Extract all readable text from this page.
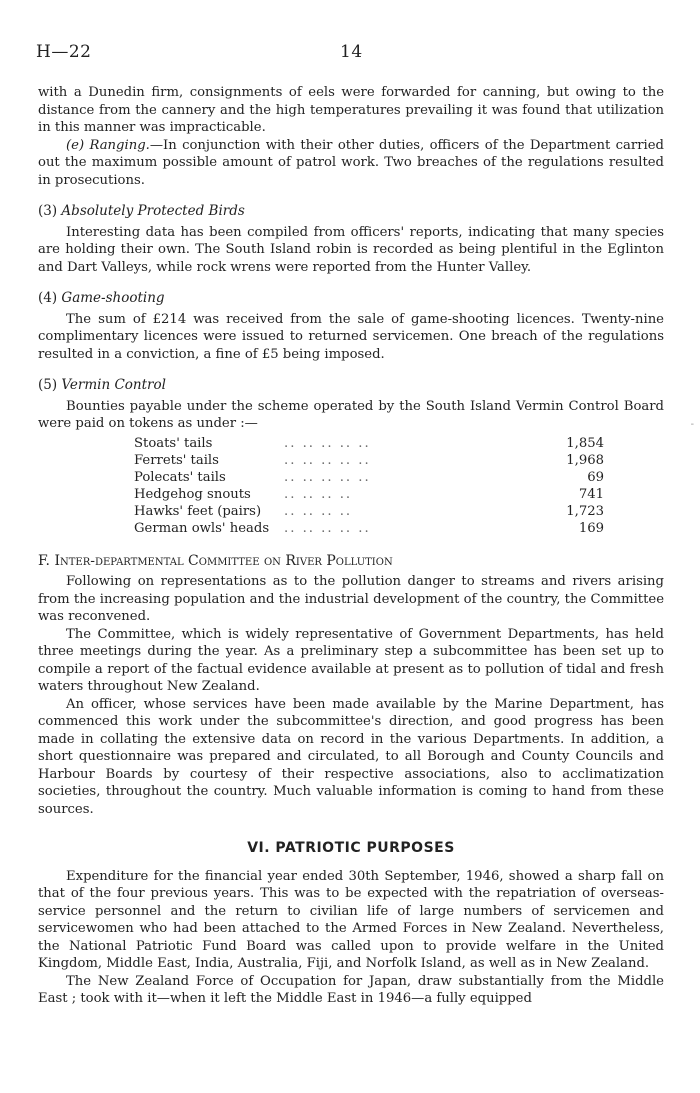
H—22	14
-

with a Dunedin firm, consignments of eels were forwarded for canning, but owing to the distance from the cannery and the high temperatures prevailing it was found that utilization in this manner was impracticable.

(e) Ranging.—In conjunction with their other duties, officers of the Department carried out the maximum possible amount of patrol work. Two breaches of the regulations resulted in prosecutions.

(3) Absolutely Protected Birds

Interesting data has been compiled from officers' reports, indicating that many species are holding their own. The South Island robin is recorded as being plentiful in the Eglinton and Dart Valleys, while rock wrens were reported from the Hunter Valley.

(4) Game-shooting

The sum of £214 was received from the sale of game-shooting licences. Twenty-nine complimentary licences were issued to returned servicemen. One breach of the regulations resulted in a conviction, a fine of £5 being imposed.

(5) Vermin Control

Bounties payable under the scheme operated by the South Island Vermin Control Board were paid on tokens as under :—

Stoats' tails	.. .. .. .. ..	1,854
Ferrets' tails	.. .. .. .. ..	1,968
Polecats' tails	.. .. .. .. ..	69
Hedgehog snouts	.. .. .. ..	741
Hawks' feet (pairs)	.. .. .. ..	1,723
German owls' heads	.. .. .. .. ..	169
F. Inter-departmental Committee on River Pollution

Following on representations as to the pollution danger to streams and rivers arising from the increasing population and the industrial development of the country, the Committee was reconvened.

The Committee, which is widely representative of Government Departments, has held three meetings during the year. As a preliminary step a subcommittee has been set up to compile a report of the factual evidence available at present as to pollution of tidal and fresh waters throughout New Zealand.

An officer, whose services have been made available by the Marine Department, has commenced this work under the subcommittee's direction, and good progress has been made in collating the extensive data on record in the various Departments. In addition, a short questionnaire was prepared and circulated, to all Borough and County Councils and Harbour Boards by courtesy of their respective associations, also to acclimatization societies, throughout the country. Much valuable information is coming to hand from these sources.

VI. PATRIOTIC PURPOSES

Expenditure for the financial year ended 30th September, 1946, showed a sharp fall on that of the four previous years. This was to be expected with the repatriation of overseas-service personnel and the return to civilian life of large numbers of servicemen and servicewomen who had been attached to the Armed Forces in New Zealand. Nevertheless, the National Patriotic Fund Board was called upon to provide welfare in the United Kingdom, Middle East, India, Australia, Fiji, and Norfolk Island, as well as in New Zealand.

The New Zealand Force of Occupation for Japan, draw substantially from the Middle East ; took with it—when it left the Middle East in 1946—a fully equipped
